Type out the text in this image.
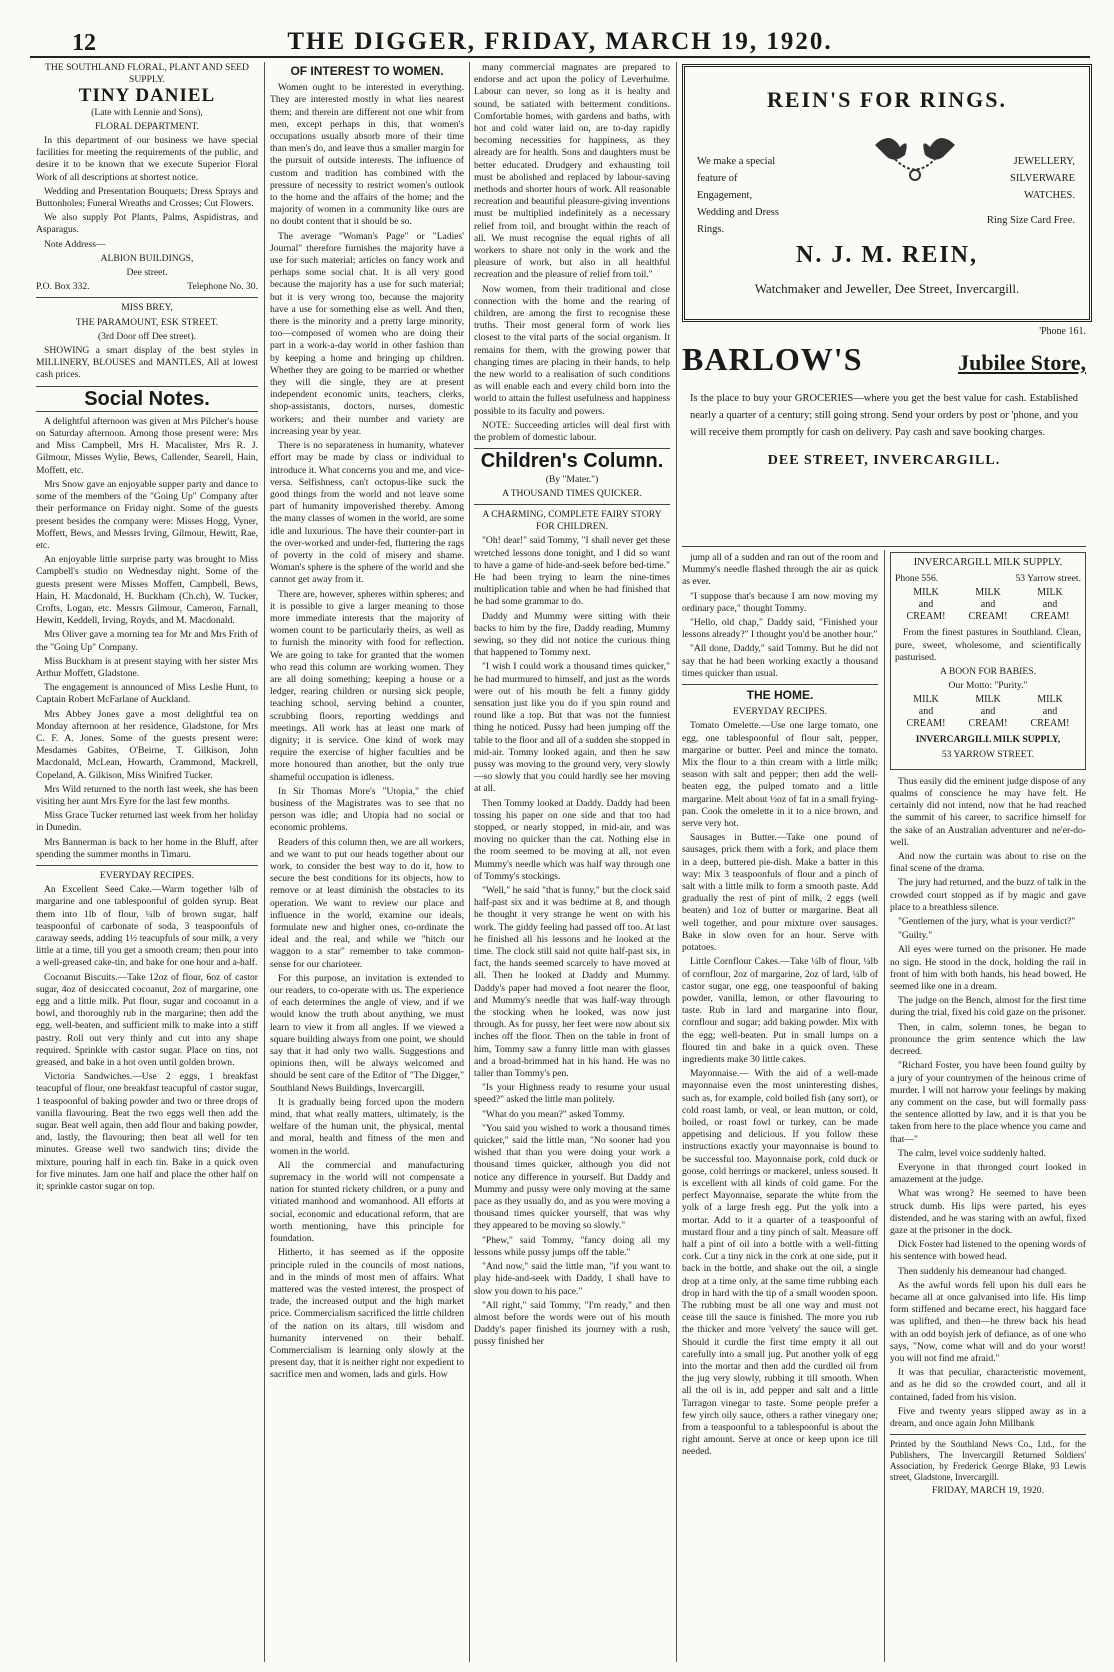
12	THE DIGGER, FRIDAY, MARCH 19, 1920.

THE SOUTHLAND FLORAL, PLANT AND SEED SUPPLY.

TINY DANIEL

(Late with Lennie and Sons),

FLORAL DEPARTMENT.

In this department of our business we have special facilities for meeting the requirements of the public, and desire it to be known that we execute Superior Floral Work of all descriptions at shortest notice.

Wedding and Presentation Bouquets; Dress Sprays and Buttonholes; Funeral Wreaths and Crosses; Cut Flowers.

We also supply Pot Plants, Palms, Aspidistras, and Asparagus.

Note Address—

ALBION BUILDINGS,

Dee street.

P.O. Box 332.	Telephone No. 30.

MISS BREY,

THE PARAMOUNT, ESK STREET.

(3rd Door off Dee street).

SHOWING a smart display of the best styles in MILLINERY, BLOUSES and MANTLES, All at lowest cash prices.

Social Notes.

A delightful afternoon was given at Mrs Pilcher's house on Saturday afternoon. Among those present were: Mrs and Miss Campbell, Mrs H. Macalister, Mrs R. J. Gilmour, Misses Wylie, Bews, Callender, Searell, Hain, Moffett, etc.

Mrs Snow gave an enjoyable supper party and dance to some of the members of the "Going Up" Company after their performance on Friday night. Some of the guests present besides the company were: Misses Hogg, Vyner, Moffett, Bews, and Messrs Irving, Gilmour, Hewitt, Rae, etc.

An enjoyable little surprise party was brought to Miss Campbell's studio on Wednesday night. Some of the guests present were Misses Moffett, Campbell, Bews, Hain, H. Macdonald, H. Buckham (Ch.ch), W. Tucker, Crofts, Logan, etc. Messrs Gilmour, Cameron, Farnall, Hewitt, Keddell, Irving, Royds, and M. Macdonald.

Mrs Oliver gave a morning tea for Mr and Mrs Frith of the "Going Up" Company.

Miss Buckham is at present staying with her sister Mrs Arthur Moffett, Gladstone.

The engagement is announced of Miss Leslie Hunt, to Captain Robert McFarlane of Auckland.

Mrs Abbey Jones gave a most delightful tea on Monday afternoon at her residence, Gladstone, for Mrs C. F. A. Jones. Some of the guests present were: Mesdames Gabites, O'Beirne, T. Gilkison, John Macdonald, McLean, Howarth, Crammond, Mackrell, Copeland, A. Gilkison, Miss Winifred Tucker.

Mrs Wild returned to the north last week, she has been visiting her aunt Mrs Eyre for the last few months.

Miss Grace Tucker returned last week from her holiday in Dunedin.

Mrs Bannerman is back to her home in the Bluff, after spending the summer months in Timaru.

EVERYDAY RECIPES.

An Excellent Seed Cake.—Warm together ¼lb of margarine and one tablespoonful of golden syrup. Beat them into 1lb of flour, ¼lb of brown sugar, half teaspoonful of carbonate of soda, 3 teaspoonfuls of caraway seeds, adding 1½ teacupfuls of sour milk, a very little at a time, till you get a smooth cream; then pour into a well-greased cake-tin, and bake for one hour and a-half.

Cocoanut Biscuits.—Take 12oz of flour, 6oz of castor sugar, 4oz of desiccated cocoanut, 2oz of margarine, one egg and a little milk. Put flour, sugar and cocoanut in a bowl, and thoroughly rub in the margarine; then add the egg, well-beaten, and sufficient milk to make into a stiff pastry. Roll out very thinly and cut into any shape required. Sprinkle with castor sugar. Place on tins, not greased, and bake in a hot oven until golden brown.

Victoria Sandwiches.—Use 2 eggs, 1 breakfast teacupful of flour, one breakfast teacupful of castor sugar, 1 teaspoonful of baking powder and two or three drops of vanilla flavouring. Beat the two eggs well then add the sugar. Beat well again, then add flour and baking powder, and, lastly, the flavouring; then beat all well for ten minutes. Grease well two sandwich tins; divide the mixture, pouring half in each tin. Bake in a quick oven for five minutes. Jam one half and place the other half on it; sprinkle castor sugar on top.

OF INTEREST TO WOMEN.

Women ought to be interested in everything. They are interested mostly in what lies nearest them; and therein are different not one whit from men, except perhaps in this, that women's occupations usually absorb more of their time than men's do, and leave thus a smaller margin for the pursuit of outside interests. The influence of custom and tradition has combined with the pressure of necessity to restrict women's outlook to the home and the affairs of the home; and the majority of women in a community like ours are no doubt content that it should be so.

The average "Woman's Page" or "Ladies' Journal" therefore furnishes the majority have a use for such material; articles on fancy work and perhaps some social chat. It is all very good because the majority has a use for such material; but it is very wrong too, because the majority have a use for something else as well. And then, there is the minority and a pretty large minority, too—composed of women who are doing their part in a work-a-day world in other fashion than by keeping a home and bringing up children. Whether they are going to be married or whether they will die single, they are at present independent economic units, teachers, clerks, shop-assistants, doctors, nurses, domestic workers; and their number and variety are increasing year by year.

There is no separateness in humanity, whatever effort may be made by class or individual to introduce it. What concerns you and me, and vice-versa. Selfishness, can't octopus-like suck the good things from the world and not leave some part of humanity impoverished thereby. Among the many classes of women in the world, are some idle and luxurious. The have their counter-part in the over-worked and under-fed, fluttering the rags of poverty in the cold of misery and shame. Woman's sphere is the sphere of the world and she cannot get away from it.

There are, however, spheres within spheres; and it is possible to give a larger meaning to those more immediate interests that the majority of women count to be particularly theirs, as well as to furnish the minority with food for reflection. We are going to take for granted that the women who read this column are working women. They are all doing something; keeping a house or a ledger, rearing children or nursing sick people, teaching school, serving behind a counter, scrubbing floors, reporting weddings and meetings. All work has at least one mark of dignity; it is service. One kind of work may require the exercise of higher faculties and be more honoured than another, but the only true shameful occupation is idleness.

In Sir Thomas More's "Utopia," the chief business of the Magistrates was to see that no person was idle; and Utopia had no social or economic problems.

Readers of this column then, we are all workers, and we want to put our heads together about our work, to consider the best way to do it, how to secure the best conditions for its objects, how to remove or at least diminish the obstacles to its operation. We want to review our place and influence in the world, examine our ideals, formulate new and higher ones, co-ordinate the ideal and the real, and while we "hitch our waggon to a star" remember to take common-sense for our charioteer.

For this purpose, an invitation is extended to our readers, to co-operate with us. The experience of each determines the angle of view, and if we would know the truth about anything, we must learn to view it from all angles. If we viewed a square building always from one point, we should say that it had only two walls. Suggestions and opinions then, will be always welcomed and should be sent care of the Editor of "The Digger," Southland News Buildings, Invercargill.

It is gradually being forced upon the modern mind, that what really matters, ultimately, is the welfare of the human unit, the physical, mental and moral, health and fitness of the men and women in the world.

All the commercial and manufacturing supremacy in the world will not compensate a nation for stunted rickety children, or a puny and vitiated manhood and womanhood. All efforts at social, economic and educational reform, that are worth mentioning, have this principle for foundation.

Hitherto, it has seemed as if the opposite principle ruled in the councils of most nations, and in the minds of most men of affairs. What mattered was the vested interest, the prospect of trade, the increased output and the high market price. Commercialism sacrificed the little children of the nation on its altars, till wisdom and humanity intervened on their behalf. Commercialism is learning only slowly at the present day, that it is neither right nor expedient to sacrifice men and women, lads and girls. How

many commercial magnates are prepared to endorse and act upon the policy of Leverhulme. Labour can never, so long as it is healty and sound, be satiated with betterment conditions. Comfortable homes, with gardens and baths, with hot and cold water laid on, are to-day rapidly becoming necessities for happiness, as they already are for health. Sons and daughters must be better educated. Drudgery and exhausting toil must be abolished and replaced by labour-saving methods and shorter hours of work. All reasonable recreation and beautiful pleasure-giving inventions must be multiplied indefinitely as a necessary relief from toil, and brought within the reach of all. We must recognise the equal rights of all workers to share not only in the work and the pleasure of work, but also in all healthful recreation and the pleasure of relief from toil."

Now women, from their traditional and close connection with the home and the rearing of children, are among the first to recognise these truths. Their most general form of work lies closest to the vital parts of the social organism. It remains for them, with the growing power that changing times are placing in their hands, to help the new world to a realisation of such conditions as will enable each and every child born into the world to attain the fullest usefulness and happiness possible to its faculty and powers.

NOTE: Succeeding articles will deal first with the problem of domestic labour.

Children's Column.

(By "Mater.")

A THOUSAND TIMES QUICKER.

A CHARMING, COMPLETE FAIRY STORY FOR CHILDREN.

"Oh! dear!" said Tommy, "I shall never get these wretched lessons done tonight, and I did so want to have a game of hide-and-seek before bed-time." He had been trying to learn the nine-times multiplication table and when he had finished that he had some grammar to do.

Daddy and Mummy were sitting with their backs to him by the fire, Daddy reading, Mummy sewing, so they did not notice the curious thing that happened to Tommy next.

"I wish I could work a thousand times quicker," he had murmured to himself, and just as the words were out of his mouth he felt a funny giddy sensation just like you do if you spin round and round like a top. But that was not the funniest thing he noticed. Pussy had been jumping off the table to the floor and all of a sudden she stopped in mid-air. Tommy looked again, and then he saw pussy was moving to the ground very, very slowly—so slowly that you could hardly see her moving at all.

Then Tommy looked at Daddy. Daddy had been tossing his paper on one side and that too had stopped, or nearly stopped, in mid-air, and was moving no quicker than the cat. Nothing else in the room seemed to be moving at all, not even Mummy's needle which was half way through one of Tommy's stockings.

"Well," he said "that is funny," but the clock said half-past six and it was bedtime at 8, and though he thought it very strange he went on with his work. The giddy feeling had passed off too. At last he finished all his lessons and he looked at the time. The clock still said not quite half-past six, in fact, the hands seemed scarcely to have moved at all. Then he looked at Daddy and Mummy. Daddy's paper had moved a foot nearer the floor, and Mummy's needle that was half-way through the stocking when he looked, was now just through. As for pussy, her feet were now about six inches off the floor. Then on the table in front of him, Tommy saw a funny little man with glasses and a broad-brimmed hat in his hand. He was no taller than Tommy's pen.

"Is your Highness ready to resume your usual speed?" asked the little man politely.

"What do you mean?" asked Tommy.

"You said you wished to work a thousand times quicker," said the little man, "No sooner had you wished that than you were doing your work a thousand times quicker, although you did not notice any difference in yourself. But Daddy and Mummy and pussy were only moving at the same pace as they usually do, and as you were moving a thousand times quicker yourself, that was why they appeared to be moving so slowly."

"Phew," said Tommy, "fancy doing all my lessons while pussy jumps off the table."

"And now," said the little man, "if you want to play hide-and-seek with Daddy, I shall have to slow you down to his pace."

"All right," said Tommy, "I'm ready," and then almost before the words were out of his mouth Daddy's paper finished its journey with a rush, pussy finished her

REIN'S FOR RINGS.
We make a special feature of Engagement, Wedding and Dress Rings.
JEWELLERY, SILVERWARE WATCHES.
Ring Size Card Free.
N. J. M. REIN,
Watchmaker and Jeweller, Dee Street, Invercargill.
'Phone 161.
BARLOW'S	Jubilee Store,
Is the place to buy your GROCERIES—where you get the best value for cash. Established nearly a quarter of a century; still going strong. Send your orders by post or 'phone, and you will receive them promptly for cash on delivery. Pay cash and save booking charges.
DEE STREET, INVERCARGILL.

jump all of a sudden and ran out of the room and Mummy's needle flashed through the air as quick as ever.

"I suppose that's because I am now moving my ordinary pace," thought Tommy.

"Hello, old chap," Daddy said, "Finished your lessons already?" I thought you'd be another hour."

"All done, Daddy," said Tommy. But he did not say that he had been working exactly a thousand times quicker than usual.

THE HOME.

EVERYDAY RECIPES.

Tomato Omelette.—Use one large tomato, one egg, one tablespoonful of flour salt, pepper, margarine or butter. Peel and mince the tomato. Mix the flour to a thin cream with a little milk; season with salt and pepper; then add the well-beaten egg, the pulped tomato and a little margarine. Melt about ½oz of fat in a small frying-pan. Cook the omelette in it to a nice brown, and serve very hot.

Sausages in Butter.—Take one pound of sausages, prick them with a fork, and place them in a deep, buttered pie-dish. Make a batter in this way: Mix 3 teaspoonfuls of flour and a pinch of salt with a little milk to form a smooth paste. Add gradually the rest of pint of milk, 2 eggs (well beaten) and 1oz of butter or margarine. Beat all well together, and pour mixture over sausages. Bake in slow oven for an hour. Serve with potatoes.

Little Cornflour Cakes.—Take ¼lb of flour, ¼lb of cornflour, 2oz of margarine, 2oz of lard, ¼lb of castor sugar, one egg, one teaspoonful of baking powder, vanilla, lemon, or other flavouring to taste. Rub in lard and margarine into flour, cornflour and sugar; add baking powder. Mix with the egg; well-beaten. Put in small lumps on a floured tin and bake in a quick oven. These ingredients make 30 little cakes.

Mayonnaise.— With the aid of a well-made mayonnaise even the most uninteresting dishes, such as, for example, cold boiled fish (any sort), or cold roast lamb, or veal, or lean mutton, or cold, boiled, or roast fowl or turkey, can be made appetising and delicious. If you follow these instructions exactly your mayonnaise is bound to be successful too. Mayonnaise pork, cold duck or goose, cold herrings or mackerel, unless soused. It is excellent with all kinds of cold game. For the perfect Mayonnaise, separate the white from the yolk of a large fresh egg. Put the yolk into a mortar. Add to it a quarter of a teaspoonful of mustard flour and a tiny pinch of salt. Measure off half a pint of oil into a bottle with a well-fitting cork. Cut a tiny nick in the cork at one side, put it back in the bottle, and shake out the oil, a single drop at a time only, at the same time rubbing each drop in hard with the tip of a small wooden spoon. The rubbing must be all one way and must not cease till the sauce is finished. The more you rub the thicker and more 'velvety' the sauce will get. Should it curdle the first time empty it all out carefully into a small jug. Put another yolk of egg into the mortar and then add the curdled oil from the jug very slowly, rubbing it till smooth. When all the oil is in, add pepper and salt and a little Tarragon vinegar to taste. Some people prefer a few yirch oily sauce, others a rather vinegary one; from a teaspoonful to a tablespoonful is about the right amount. Serve at once or keep upon ice till needed.

INVERCARGILL MILK SUPPLY.

Phone 556.	53 Yarrow street.

MILK	MILK	MILK
and	and	and
CREAM!	CREAM!	CREAM!

From the finest pastures in Southland. Clean, pure, sweet, wholesome, and scientifically pasturised.

A BOON FOR BABIES.

Our Motto: "Purity."

MILK	MILK	MILK
and	and	and
CREAM!	CREAM!	CREAM!

INVERCARGILL MILK SUPPLY,

53 YARROW STREET.

Thus easily did the eminent judge dispose of any qualms of conscience he may have felt. He certainly did not intend, now that he had reached the summit of his career, to sacrifice himself for the sake of an Australian adventurer and ne'er-do-well.

And now the curtain was about to rise on the final scene of the drama.

The jury had returned, and the buzz of talk in the crowded court stopped as if by magic and gave place to a breathless silence.

"Gentlemen of the jury, what is your verdict?"

"Guilty."

All eyes were turned on the prisoner. He made no sign. He stood in the dock, holding the rail in front of him with both hands, his head bowed. He seemed like one in a dream.

The judge on the Bench, almost for the first time during the trial, fixed his cold gaze on the prisoner.

Then, in calm, solemn tones, he began to pronounce the grim sentence which the law decreed.

"Richard Foster, you have been found guilty by a jury of your countrymen of the heinous crime of murder. I will not harrow your feelings by making any comment on the case, but will formally pass the sentence allotted by law, and it is that you be taken from here to the place whence you came and that—"

The calm, level voice suddenly halted.

Everyone in that thronged court looked in amazement at the judge.

What was wrong? He seemed to have been struck dumb. His lips were parted, his eyes distended, and he was staring with an awful, fixed gaze at the prisoner in the dock.

Dick Foster had listened to the opening words of his sentence with bowed head.

Then suddenly his demeanour had changed.

As the awful words fell upon his dull ears he became all at once galvanised into life. His limp form stiffened and became erect, his haggard face was uplifted, and then—he threw back his head with an odd boyish jerk of defiance, as of one who says, "Now, come what will and do your worst! you will not find me afraid."

It was that peculiar, characteristic movement, and as he did so the crowded court, and all it contained, faded from his vision.

Five and twenty years slipped away as in a dream, and once again John Millbank

Printed by the Southland News Co., Ltd., for the Publishers, The Invercargill Returned Soldiers' Association, by Frederick George Blake, 93 Lewis street, Gladstone, Invercargill.

FRIDAY, MARCH 19, 1920.
